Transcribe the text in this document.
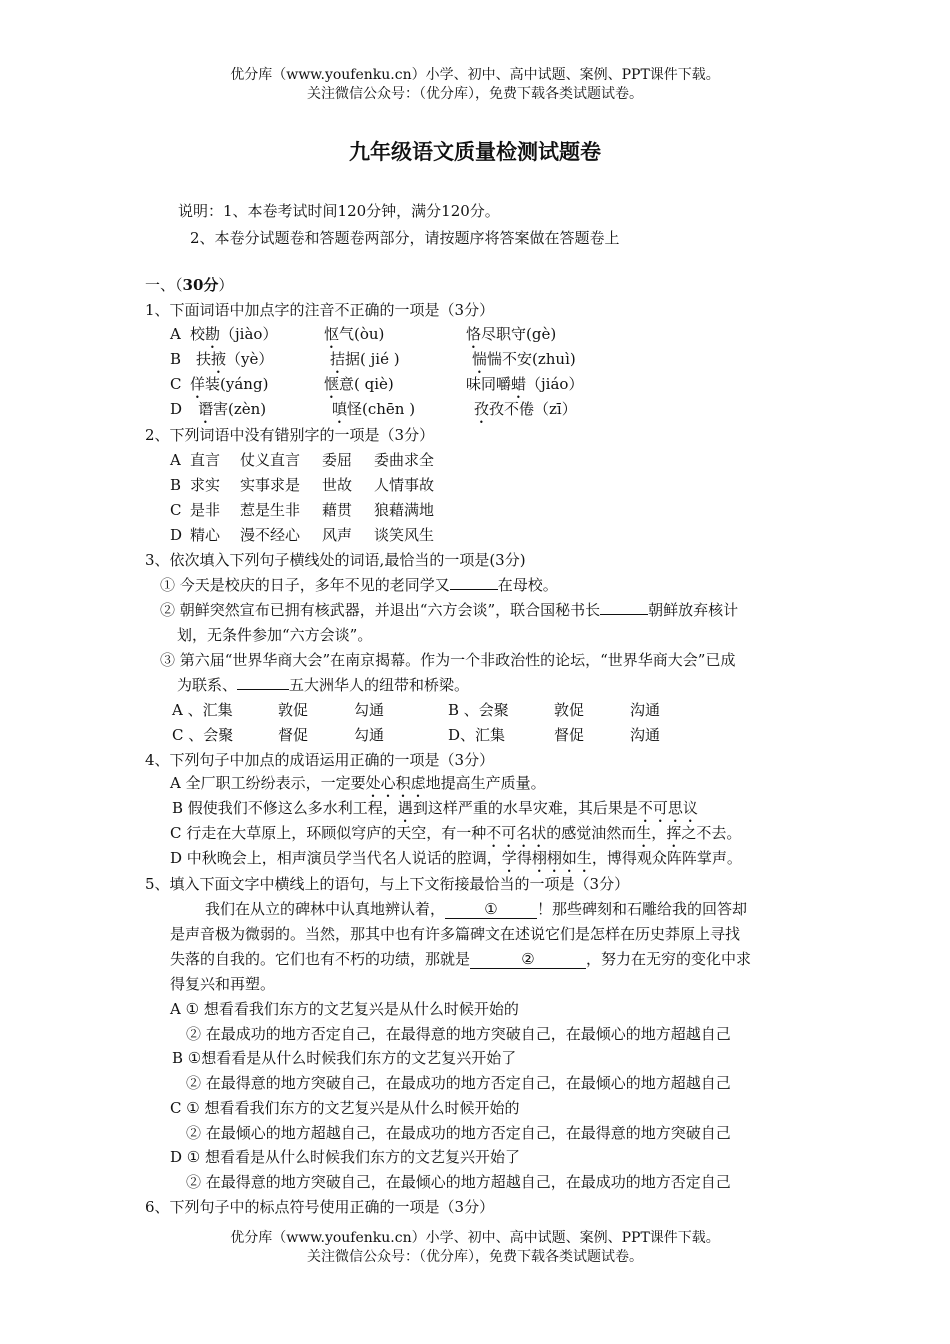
优分库（www.youfenku.cn）小学、初中、高中试题、案例、PPT课件下载。
关注微信公众号：（优分库），免费下载各类试题试卷。
九年级语文质量检测试题卷
说明：1、本卷考试时间120分钟，满分120分。
2、本卷分试题卷和答题卷两部分，请按题序将答案做在答题卷上
一、（30分）
1、下面词语中加点字的注音不正确的一项是（3分）
A 校勘（jiào）	怄气(òu)	恪尽职守(gè)
B 扶掖（yè）	拮据( jié )	惴惴不安(zhuì)
C 佯装(yáng)	惬意( qiè)	味同嚼蜡（jiáo）
D 谮害(zèn)	嗔怪(chēn )	孜孜不倦（zī）
2、下列词语中没有错别字的一项是（3分）
A 直言 仗义直言 委屈 委曲求全
B 求实 实事求是 世故 人情事故
C 是非 惹是生非 藉贯 狼藉满地
D 精心 漫不经心 风声 谈笑风生
3、依次填入下列句子横线处的词语,最恰当的一项是(3分)
① 今天是校庆的日子，多年不见的老同学又	在母校。
② 朝鲜突然宣布已拥有核武器，并退出“六方会谈”，联合国秘书长	朝鲜放弃核计
划，无条件参加“六方会谈”。
③ 第六届“世界华商大会”在南京揭幕。作为一个非政治性的论坛，“世界华商大会”已成
为联系、	五大洲华人的纽带和桥梁。
A 、汇集	敦促	勾通	B 、会聚	敦促	沟通
C 、会聚	督促	勾通	D、汇集	督促	沟通
4、下列句子中加点的成语运用正确的一项是（3分）
A 全厂职工纷纷表示，一定要处心积虑地提高生产质量。
B 假使我们不修这么多水利工程，遇到这样严重的水旱灾难，其后果是不可思议
C 行走在大草原上，环顾似穹庐的天空，有一种不可名状的感觉油然而生，挥之不去。
D 中秋晚会上，相声演员学当代名人说话的腔调，学得栩栩如生，博得观众阵阵掌声。
5、填入下面文字中横线上的语句，与上下文衔接最恰当的一项是（3分）
我们在从立的碑林中认真地辨认着，	①	！那些碑刻和石雕给我的回答却
是声音极为微弱的。当然，那其中也有许多篇碑文在述说它们是怎样在历史莽原上寻找
失落的自我的。它们也有不朽的功绩，那就是	②	，努力在无穷的变化中求
得复兴和再塑。
A ① 想看看我们东方的文艺复兴是从什么时候开始的
② 在最成功的地方否定自己，在最得意的地方突破自己，在最倾心的地方超越自己
B ①想看看是从什么时候我们东方的文艺复兴开始了
② 在最得意的地方突破自己，在最成功的地方否定自己，在最倾心的地方超越自己
C ① 想看看我们东方的文艺复兴是从什么时候开始的
② 在最倾心的地方超越自己，在最成功的地方否定自己，在最得意的地方突破自己
D ① 想看看是从什么时候我们东方的文艺复兴开始了
② 在最得意的地方突破自己，在最倾心的地方超越自己，在最成功的地方否定自己
6、下列句子中的标点符号使用正确的一项是（3分）
优分库（www.youfenku.cn）小学、初中、高中试题、案例、PPT课件下载。
关注微信公众号：（优分库），免费下载各类试题试卷。
